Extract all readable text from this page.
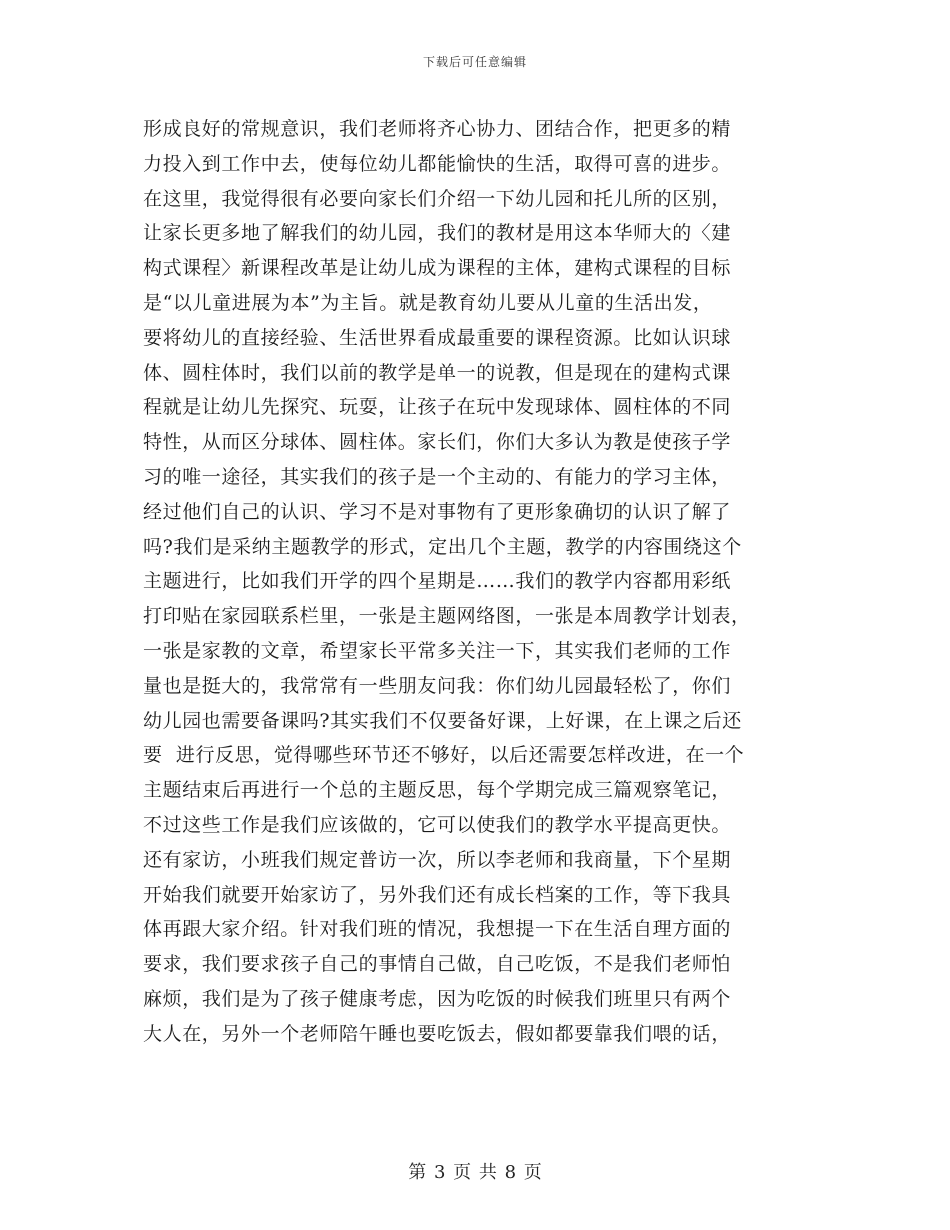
下载后可任意编辑
形成良好的常规意识，我们老师将齐心协力、团结合作，把更多的精
力投入到工作中去，使每位幼儿都能愉快的生活，取得可喜的进步。
在这里，我觉得很有必要向家长们介绍一下幼儿园和托儿所的区别，
让家长更多地了解我们的幼儿园，我们的教材是用这本华师大的〈建
构式课程〉新课程改革是让幼儿成为课程的主体，建构式课程的目标
是“以儿童进展为本”为主旨。就是教育幼儿要从儿童的生活出发，
要将幼儿的直接经验、生活世界看成最重要的课程资源。比如认识球
体、圆柱体时，我们以前的教学是单一的说教，但是现在的建构式课
程就是让幼儿先探究、玩耍，让孩子在玩中发现球体、圆柱体的不同
特性，从而区分球体、圆柱体。家长们，你们大多认为教是使孩子学
习的唯一途径，其实我们的孩子是一个主动的、有能力的学习主体，
经过他们自己的认识、学习不是对事物有了更形象确切的认识了解了
吗?我们是采纳主题教学的形式，定出几个主题，教学的内容围绕这个
主题进行，比如我们开学的四个星期是……我们的教学内容都用彩纸
打印贴在家园联系栏里，一张是主题网络图，一张是本周教学计划表，
一张是家教的文章，希望家长平常多关注一下，其实我们老师的工作
量也是挺大的，我常常有一些朋友问我：你们幼儿园最轻松了，你们
幼儿园也需要备课吗?其实我们不仅要备好课，上好课，在上课之后还
要  进行反思，觉得哪些环节还不够好，以后还需要怎样改进，在一个
主题结束后再进行一个总的主题反思，每个学期完成三篇观察笔记，
不过这些工作是我们应该做的，它可以使我们的教学水平提高更快。
还有家访，小班我们规定普访一次，所以李老师和我商量，下个星期
开始我们就要开始家访了，另外我们还有成长档案的工作，等下我具
体再跟大家介绍。针对我们班的情况，我想提一下在生活自理方面的
要求，我们要求孩子自己的事情自己做，自己吃饭，不是我们老师怕
麻烦，我们是为了孩子健康考虑，因为吃饭的时候我们班里只有两个
大人在，另外一个老师陪午睡也要吃饭去，假如都要靠我们喂的话，
第 3 页 共 8 页
